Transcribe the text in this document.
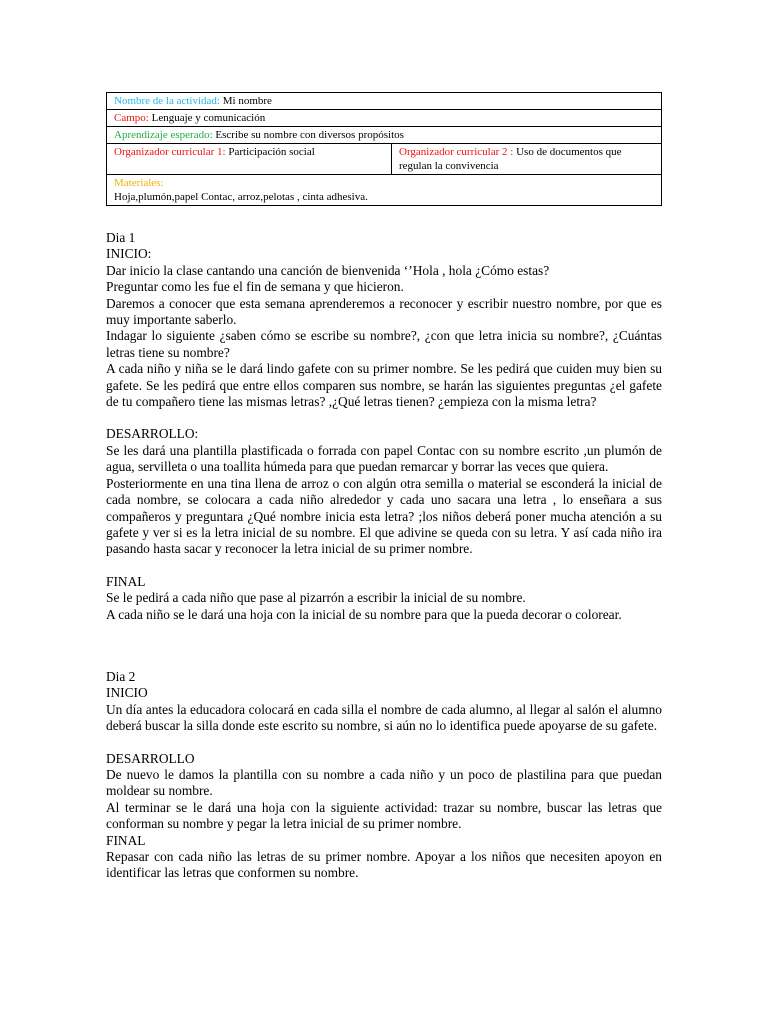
Nombre de la actividad: Mi nombre
Campo: Lenguaje y comunicación
Aprendizaje esperado: Escribe su nombre con diversos propósitos
Organizador curricular 1: Participación social	Organizador curricular 2 : Uso de documentos que regulan la convivencia
Materiales:
Hoja,plumón,papel Contac, arroz,pelotas , cinta adhesiva.

Dia 1

INICIO:

Dar inicio la clase cantando una canción de bienvenida ‘’Hola , hola ¿Cómo estas?

Preguntar como les fue el fin de semana y que hicieron.

Daremos a conocer que esta semana aprenderemos a reconocer y escribir nuestro nombre, por que es muy importante saberlo.

Indagar lo siguiente ¿saben cómo se escribe su nombre?, ¿con que letra inicia su nombre?, ¿Cuántas letras tiene su nombre?

A cada niño y niña se le dará lindo gafete con su primer nombre. Se les pedirá que cuiden muy bien su gafete. Se les pedirá que entre ellos comparen sus nombre, se harán las siguientes preguntas ¿el gafete de tu compañero tiene las mismas letras? ,¿Qué letras tienen? ¿empieza con la misma letra?

DESARROLLO:

Se les dará una plantilla plastificada o forrada con papel Contac con su nombre escrito ,un plumón de agua, servilleta o una toallita húmeda para que puedan remarcar y borrar las veces que quiera.

Posteriormente en una tina llena de arroz o con algún otra semilla o material se esconderá la inicial de cada nombre, se colocara a cada niño alrededor y cada uno sacara una letra , lo enseñara a sus compañeros y preguntara ¿Qué nombre inicia esta letra? ;los niños deberá poner mucha atención a su gafete y ver si es la letra inicial de su nombre. El que adivine se queda con su letra. Y así cada niño ira pasando hasta sacar y reconocer la letra inicial de su primer nombre.

FINAL

Se le pedirá a cada niño que pase al pizarrón a escribir la inicial de su nombre.

A cada niño se le dará una hoja con la inicial de su nombre para que la pueda decorar o colorear.

Dia 2

INICIO

Un día antes la educadora colocará en cada silla el nombre de cada alumno, al llegar al salón el alumno deberá buscar la silla donde este escrito su nombre, si aún no lo identifica puede apoyarse de su gafete.

DESARROLLO

De nuevo le damos la plantilla con su nombre a cada niño y un poco de plastilina para que puedan moldear su nombre.

Al terminar se le dará una hoja con la siguiente actividad: trazar su nombre, buscar las letras que conforman su nombre y pegar la letra inicial de su primer nombre.

FINAL

Repasar con cada niño las letras de su primer nombre. Apoyar a los niños que necesiten apoyon en identificar las letras que conformen su nombre.
